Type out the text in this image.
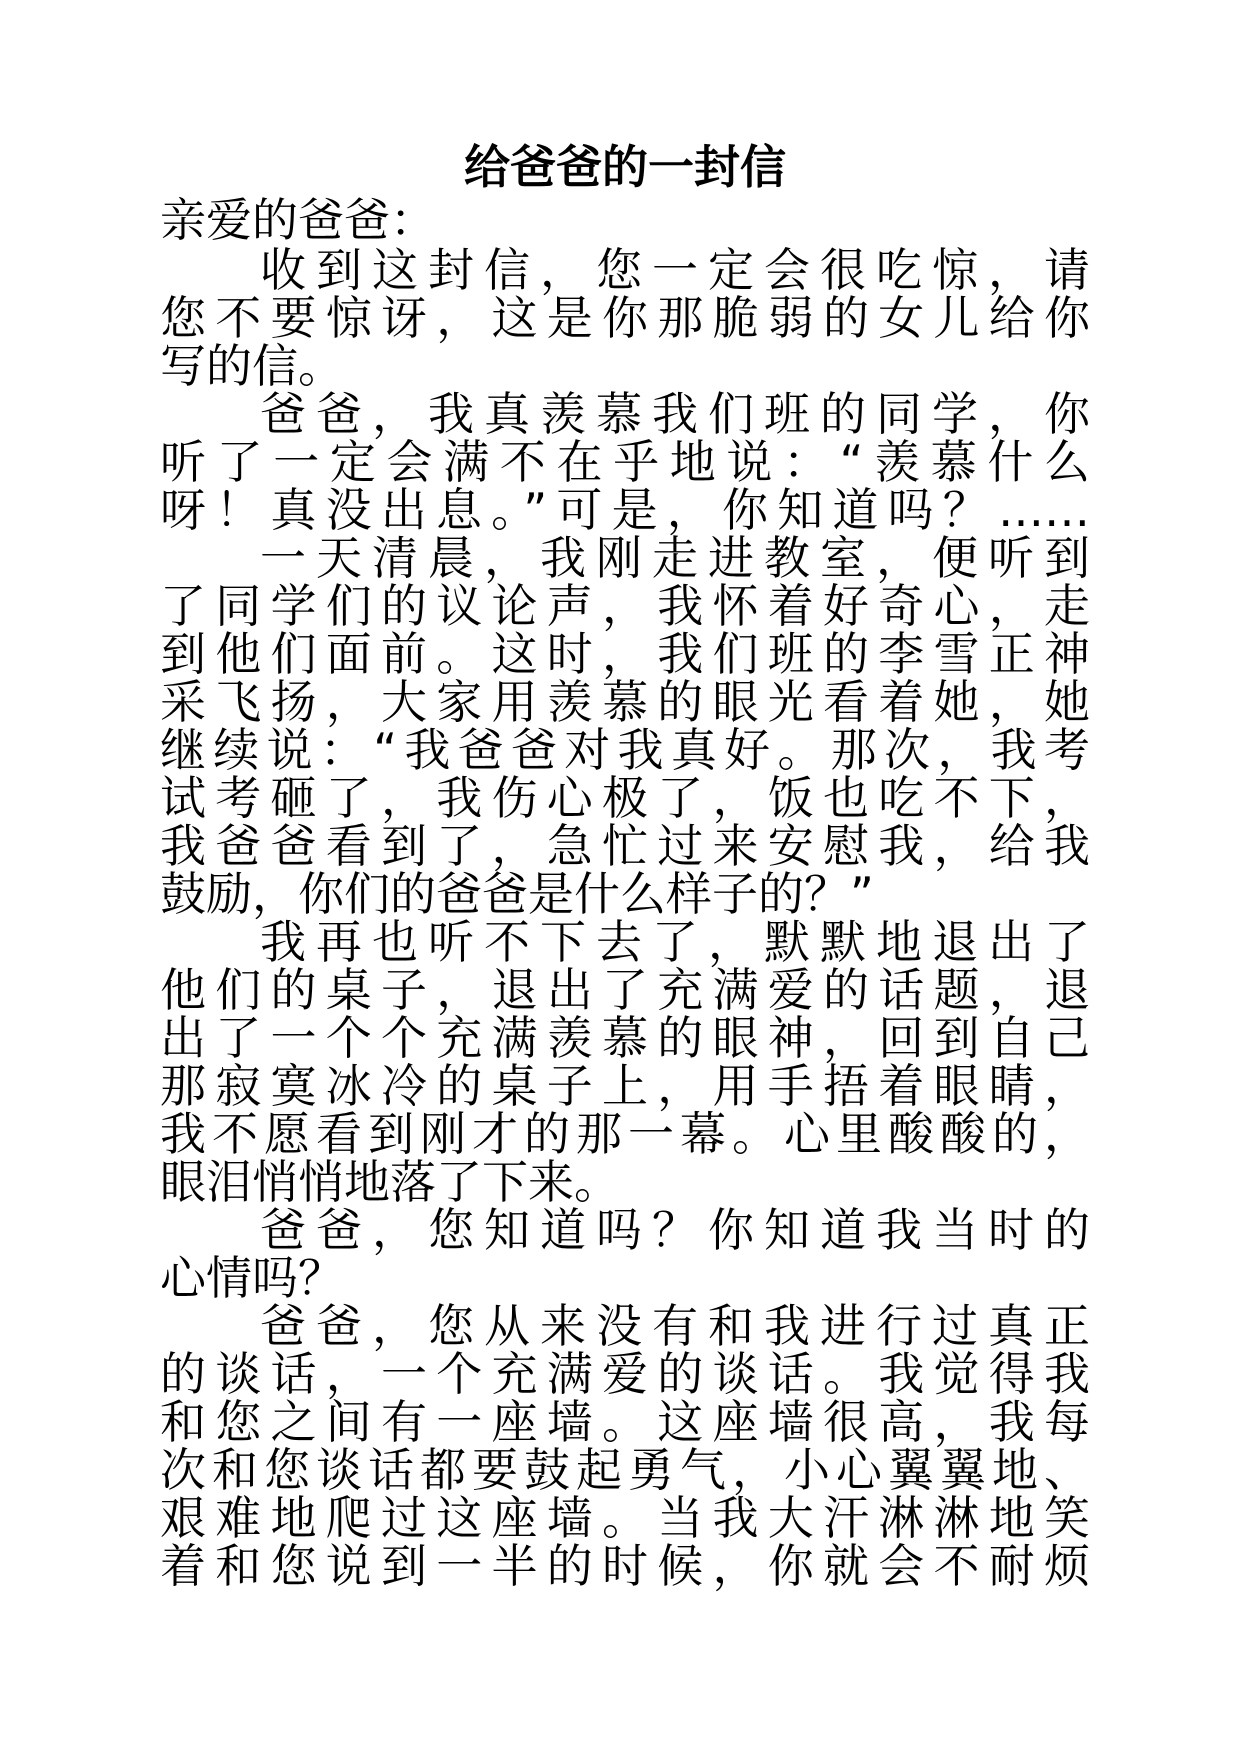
给爸爸的一封信
亲爱的爸爸：
收到这封信，您一定会很吃惊，请
您不要惊讶，这是你那脆弱的女儿给你
写的信。
爸爸，我真羡慕我们班的同学，你
听了一定会满不在乎地说：“羡慕什么
呀！真没出息。”可是，你知道吗？……
一天清晨，我刚走进教室，便听到
了同学们的议论声，我怀着好奇心，走
到他们面前。这时，我们班的李雪正神
采飞扬，大家用羡慕的眼光看着她，她
继续说：“我爸爸对我真好。那次，我考
试考砸了，我伤心极了，饭也吃不下，
我爸爸看到了，急忙过来安慰我，给我
鼓励，你们的爸爸是什么样子的？”
我再也听不下去了，默默地退出了
他们的桌子，退出了充满爱的话题，退
出了一个个充满羡慕的眼神，回到自己
那寂寞冰冷的桌子上，用手捂着眼睛，
我不愿看到刚才的那一幕。心里酸酸的，
眼泪悄悄地落了下来。
爸爸，您知道吗？你知道我当时的
心情吗？
爸爸，您从来没有和我进行过真正
的谈话，一个充满爱的谈话。我觉得我
和您之间有一座墙。这座墙很高，我每
次和您谈话都要鼓起勇气，小心翼翼地、
艰难地爬过这座墙。当我大汗淋淋地笑
着和您说到一半的时候，你就会不耐烦
